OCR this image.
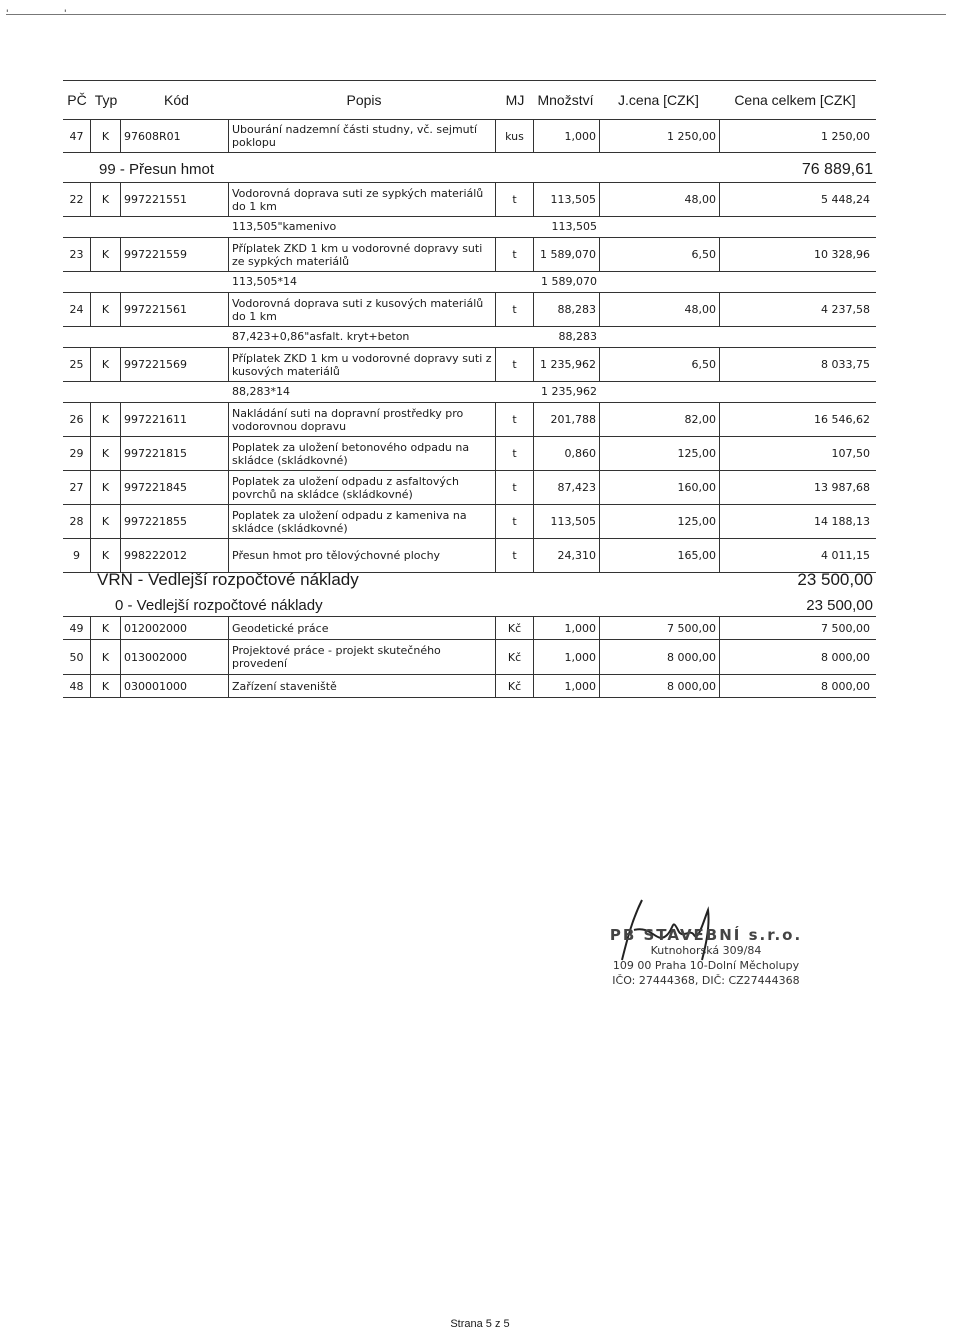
'	'
PČ Typ	Kód	Popis	MJ Množství	J.cena [CZK]	Cena celkem [CZK]
47	K	97608R01	Ubourání nadzemní části studny, vč. sejmutí poklopu	kus	1,000	1 250,00	1 250,00
99 - Přesun hmot	76 889,61
22	K	997221551	Vodorovná doprava suti ze sypkých materiálů do 1 km	t	113,505	48,00	5 448,24
113,505"kamenivo	113,505
23	K	997221559	Příplatek ZKD 1 km u vodorovné dopravy suti ze sypkých materiálů	t	1 589,070	6,50	10 328,96
113,505*14	1 589,070
24	K	997221561	Vodorovná doprava suti z kusových materiálů do 1 km	t	88,283	48,00	4 237,58
87,423+0,86"asfalt. kryt+beton	88,283
25	K	997221569	Příplatek ZKD 1 km u vodorovné dopravy suti z kusových materiálů	t	1 235,962	6,50	8 033,75
88,283*14	1 235,962
26	K	997221611	Nakládání suti na dopravní prostředky pro vodorovnou dopravu	t	201,788	82,00	16 546,62
29	K	997221815	Poplatek za uložení betonového odpadu na skládce (skládkovné)	t	0,860	125,00	107,50
27	K	997221845	Poplatek za uložení odpadu z asfaltových povrchů na skládce (skládkovné)	t	87,423	160,00	13 987,68
28	K	997221855	Poplatek za uložení odpadu z kameniva na skládce (skládkovné)	t	113,505	125,00	14 188,13
9	K	998222012	Přesun hmot pro tělovýchovné plochy	t	24,310	165,00	4 011,15
VRN - Vedlejší rozpočtové náklady	23 500,00
0 - Vedlejší rozpočtové náklady	23 500,00
49	K	012002000	Geodetické práce	Kč	1,000	7 500,00	7 500,00
50	K	013002000	Projektové práce - projekt skutečného provedení	Kč	1,000	8 000,00	8 000,00
48	K	030001000	Zařízení staveniště	Kč	1,000	8 000,00	8 000,00
PB STAVEBNÍ s.r.o.
Kutnohorská 309/84
109 00 Praha 10-Dolní Měcholupy
IČO: 27444368, DIČ: CZ27444368
Strana 5 z 5
